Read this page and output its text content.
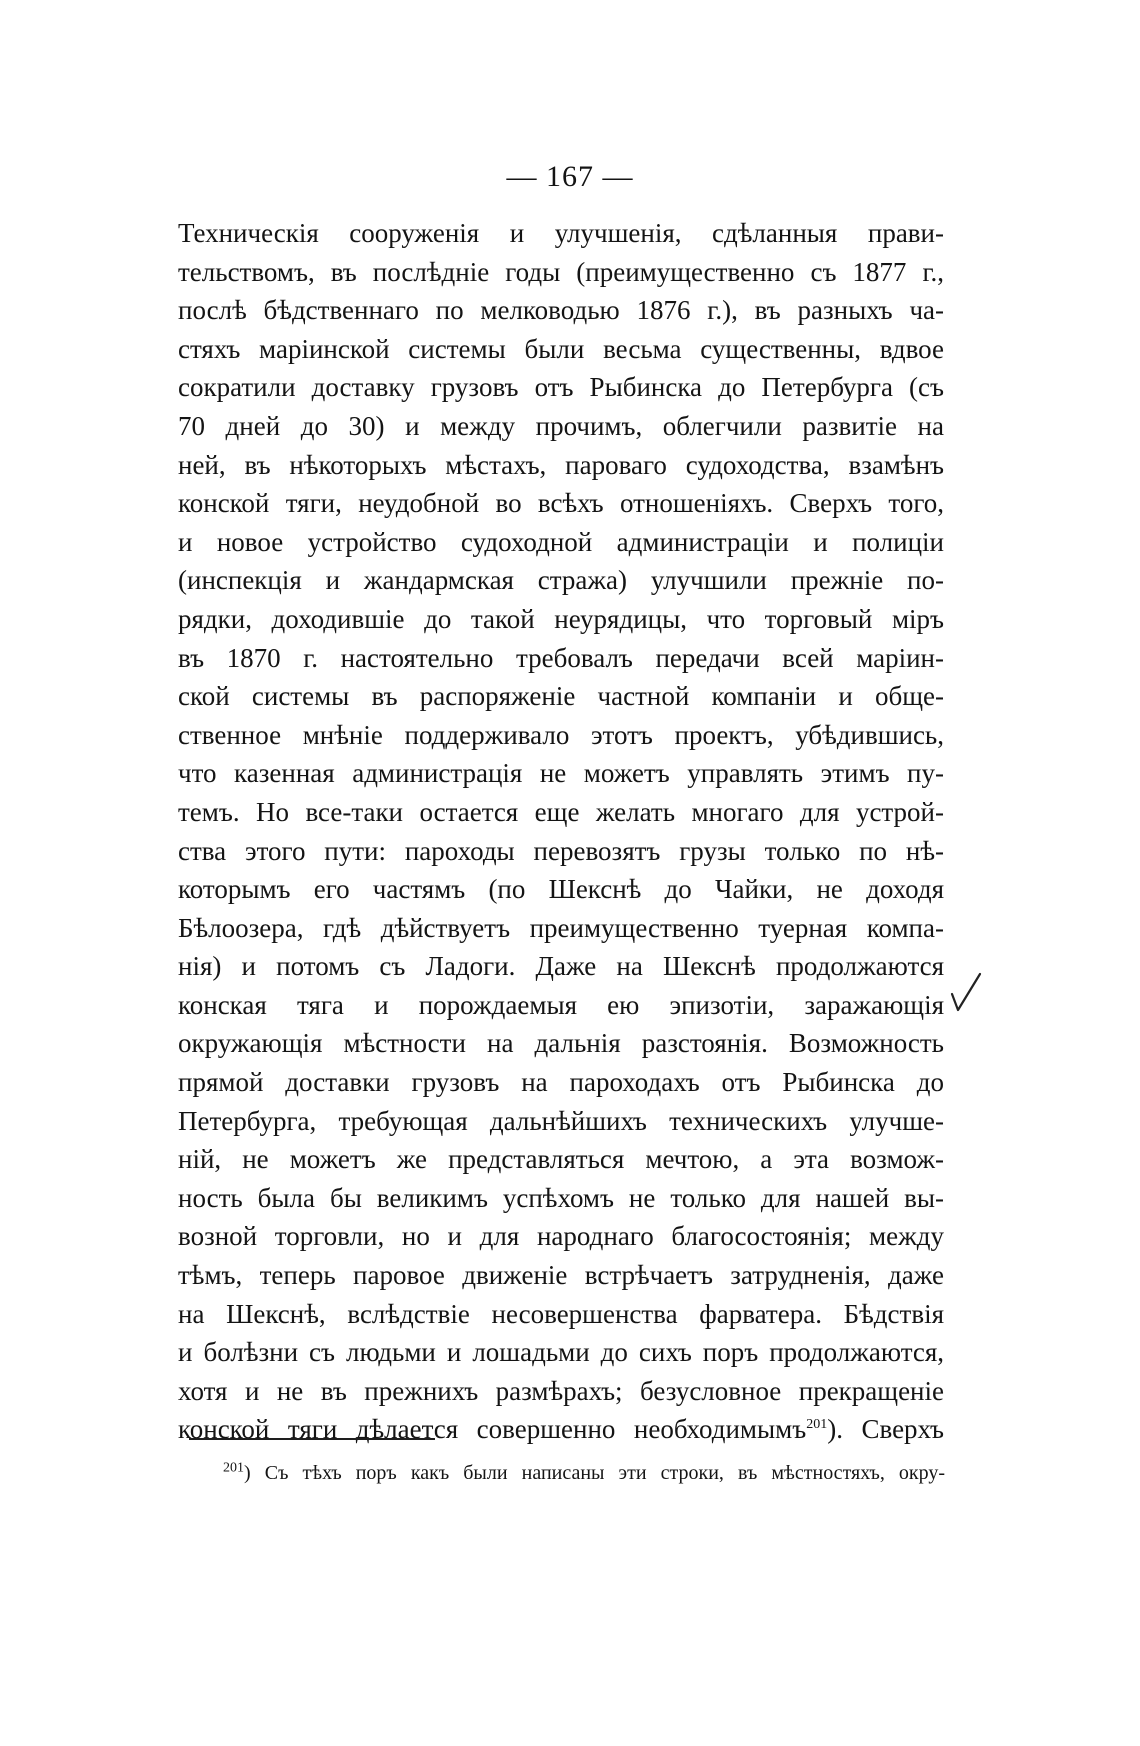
— 167 —
Техническія сооруженія и улучшенія, сдѣланныя прави-
тельствомъ, въ послѣдніе годы (преимущественно съ 1877 г.,
послѣ бѣдственнаго по мелководью 1876 г.), въ разныхъ ча-
стяхъ маріинской системы были весьма существенны, вдвое
сократили доставку грузовъ отъ Рыбинска до Петербурга (съ
70 дней до 30) и между прочимъ, облегчили развитіе на
ней, въ нѣкоторыхъ мѣстахъ, пароваго судоходства, взамѣнъ
конской тяги, неудобной во всѣхъ отношеніяхъ. Сверхъ того,
и новое устройство судоходной администраціи и полиціи
(инспекція и жандармская стража) улучшили прежніе по-
рядки, доходившіе до такой неурядицы, что торговый міръ
въ 1870 г. настоятельно требовалъ передачи всей маріин-
ской системы въ распоряженіе частной компаніи и обще-
ственное мнѣніе поддерживало этотъ проектъ, убѣдившись,
что казенная администрація не можетъ управлять этимъ пу-
темъ. Но все-таки остается еще желать многаго для устрой-
ства этого пути: пароходы перевозятъ грузы только по нѣ-
которымъ его частямъ (по Шекснѣ до Чайки, не доходя
Бѣлоозера, гдѣ дѣйствуетъ преимущественно туерная компа-
нія) и потомъ съ Ладоги. Даже на Шекснѣ продолжаются
конская тяга и порождаемыя ею эпизотіи, заражающія
окружающія мѣстности на дальнія разстоянія. Возможность
прямой доставки грузовъ на пароходахъ отъ Рыбинска до
Петербурга, требующая дальнѣйшихъ техническихъ улучше-
ній, не можетъ же представляться мечтою, а эта возмож-
ность была бы великимъ успѣхомъ не только для нашей вы-
возной торговли, но и для народнаго благосостоянія; между
тѣмъ, теперь паровое движеніе встрѣчаетъ затрудненія, даже
на Шекснѣ, вслѣдствіе несовершенства фарватера. Бѣдствія
и болѣзни съ людьми и лошадьми до сихъ поръ продолжаются,
хотя и не въ прежнихъ размѣрахъ; безусловное прекращеніе
конской тяги дѣлается совершенно необходимымъ$^{201}$). Сверхъ
$^{201}$) Съ тѣхъ поръ какъ были написаны эти строки, въ мѣстностяхъ, окру-
